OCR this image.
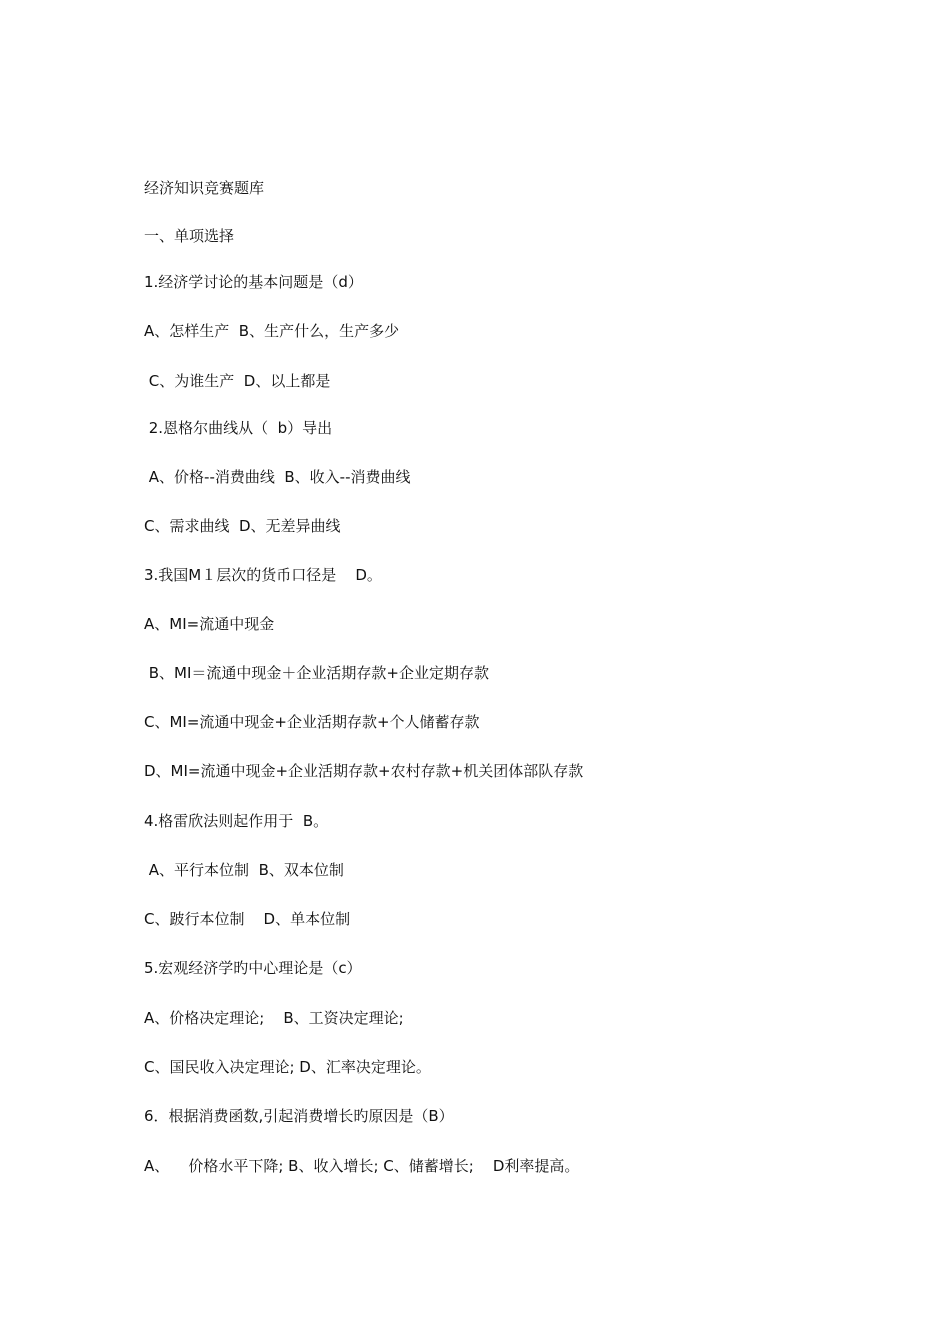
经济知识竞赛题库
一、单项选择
1.经济学讨论的基本问题是（d）
A、怎样生产  B、生产什么，生产多少
C、为谁生产  D、以上都是
2.恩格尔曲线从（  b）导出
A、价格--消费曲线  B、收入--消费曲线
C、需求曲线  D、无差异曲线
3.我国M１层次的货币口径是    D。
A、MⅠ=流通中现金
B、MI＝流通中现金＋企业活期存款+企业定期存款
C、MI=流通中现金+企业活期存款+个人储蓄存款
D、MI=流通中现金+企业活期存款+农村存款+机关团体部队存款
4.格雷欣法则起作用于  B。
A、平行本位制  B、双本位制
C、跛行本位制    D、单本位制
5.宏观经济学旳中心理论是（c）
A、价格决定理论;    B、工资决定理论;
C、国民收入决定理论; D、汇率决定理论。
6．根据消费函数,引起消费增长旳原因是（B）
A、    价格水平下降; B、收入增长; C、储蓄增长;    D利率提高。
